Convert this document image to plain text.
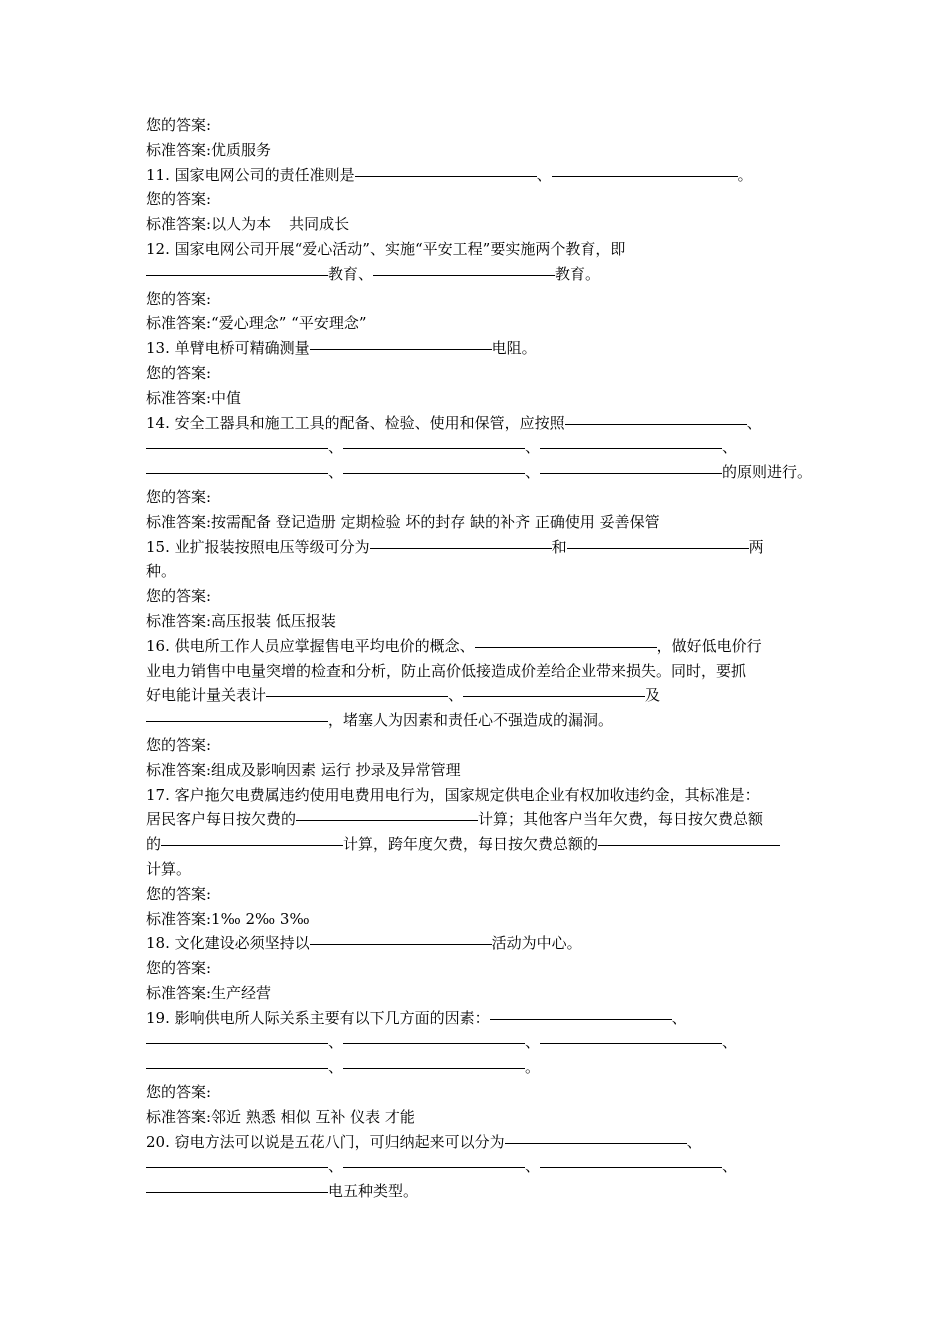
您的答案:
标准答案:优质服务
11. 国家电网公司的责任准则是	、	。
您的答案:
标准答案:以人为本 共同成长
12. 国家电网公司开展“爱心活动”、实施“平安工程”要实施两个教育，即
教育、	教育。
您的答案:
标准答案:“爱心理念” “平安理念”
13. 单臂电桥可精确测量	电阻。
您的答案:
标准答案:中值
14. 安全工器具和施工工具的配备、检验、使用和保管，应按照	、
、	、	、
、	、	的原则进行。
您的答案:
标准答案:按需配备 登记造册 定期检验 坏的封存 缺的补齐 正确使用 妥善保管
15. 业扩报装按照电压等级可分为	和	两
种。
您的答案:
标准答案:高压报装 低压报装
16. 供电所工作人员应掌握售电平均电价的概念、	，做好低电价行
业电力销售中电量突增的检查和分析，防止高价低接造成价差给企业带来损失。同时，要抓
好电能计量关表计	、	及
，堵塞人为因素和责任心不强造成的漏洞。
您的答案:
标准答案:组成及影响因素 运行 抄录及异常管理
17. 客户拖欠电费属违约使用电费用电行为，国家规定供电企业有权加收违约金，其标准是：
居民客户每日按欠费的	计算；其他客户当年欠费，每日按欠费总额
的	计算，跨年度欠费，每日按欠费总额的
计算。
您的答案:
标准答案:1‰ 2‰ 3‰
18. 文化建设必须坚持以	活动为中心。
您的答案:
标准答案:生产经营
19. 影响供电所人际关系主要有以下几方面的因素：	、
、	、	、
、	。
您的答案:
标准答案:邻近 熟悉 相似 互补 仪表 才能
20. 窃电方法可以说是五花八门，可归纳起来可以分为	、
、	、	、
电五种类型。
